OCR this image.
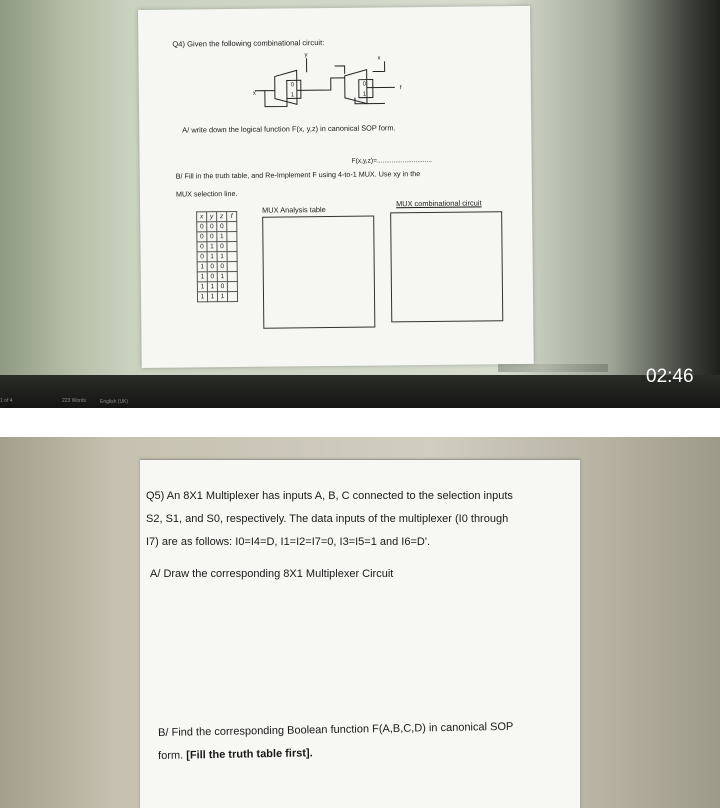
Q4) Given the following combinational circuit:
x
y
x
f
0
1
0
1
A/ write down the logical function F(x, y,z) in canonical SOP form.
F(x,y,z)=..............................
B/ Fill in the truth table, and Re-Implement F using 4-to-1 MUX. Use xy in the
MUX selection line.
MUX Analysis table
MUX combinational circuit
x	y	z	f
0	0	0	
0	0	1	
0	1	0	
0	1	1	
1	0	0	
1	0	1	
1	1	0	
1	1	1	
02:46
1 of 4	223 Words	English (UK)
Q5) An 8X1 Multiplexer has inputs A, B, C connected to the selection inputs
S2, S1, and S0, respectively. The data inputs of the multiplexer (I0 through
I7) are as follows: I0=I4=D, I1=I2=I7=0, I3=I5=1 and I6=D'.
A/ Draw the corresponding 8X1 Multiplexer Circuit
B/ Find the corresponding Boolean function F(A,B,C,D) in canonical SOP
form. [Fill the truth table first].
